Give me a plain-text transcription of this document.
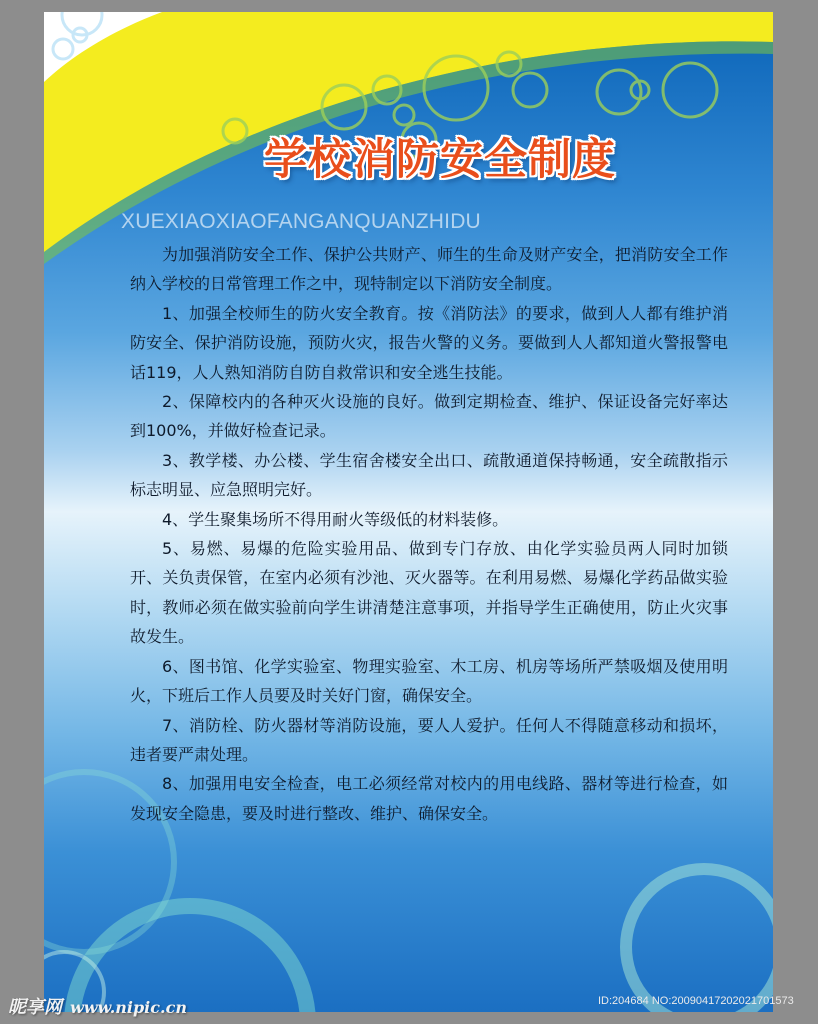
学校消防安全制度
XUEXIAOXIAOFANGANQUANZHIDU

为加强消防安全工作、保护公共财产、师生的生命及财产安全，把消防安全工作纳入学校的日常管理工作之中，现特制定以下消防安全制度。

1、加强全校师生的防火安全教育。按《消防法》的要求，做到人人都有维护消防安全、保护消防设施，预防火灾，报告火警的义务。要做到人人都知道火警报警电话119，人人熟知消防自防自救常识和安全逃生技能。

2、保障校内的各种灭火设施的良好。做到定期检查、维护、保证设备完好率达到100%，并做好检查记录。

3、教学楼、办公楼、学生宿舍楼安全出口、疏散通道保持畅通，安全疏散指示标志明显、应急照明完好。

4、学生聚集场所不得用耐火等级低的材料装修。

5、易燃、易爆的危险实验用品、做到专门存放、由化学实验员两人同时加锁开、关负责保管，在室内必须有沙池、灭火器等。在利用易燃、易爆化学药品做实验时，教师必须在做实验前向学生讲清楚注意事项，并指导学生正确使用，防止火灾事故发生。

6、图书馆、化学实验室、物理实验室、木工房、机房等场所严禁吸烟及使用明火，下班后工作人员要及时关好门窗，确保安全。

7、消防栓、防火器材等消防设施，要人人爱护。任何人不得随意移动和损坏，违者要严肃处理。

8、加强用电安全检查，电工必须经常对校内的用电线路、器材等进行检查，如发现安全隐患，要及时进行整改、维护、确保安全。

昵享网 www.nipic.cn	ID:204684 NO:20090417202021701573
